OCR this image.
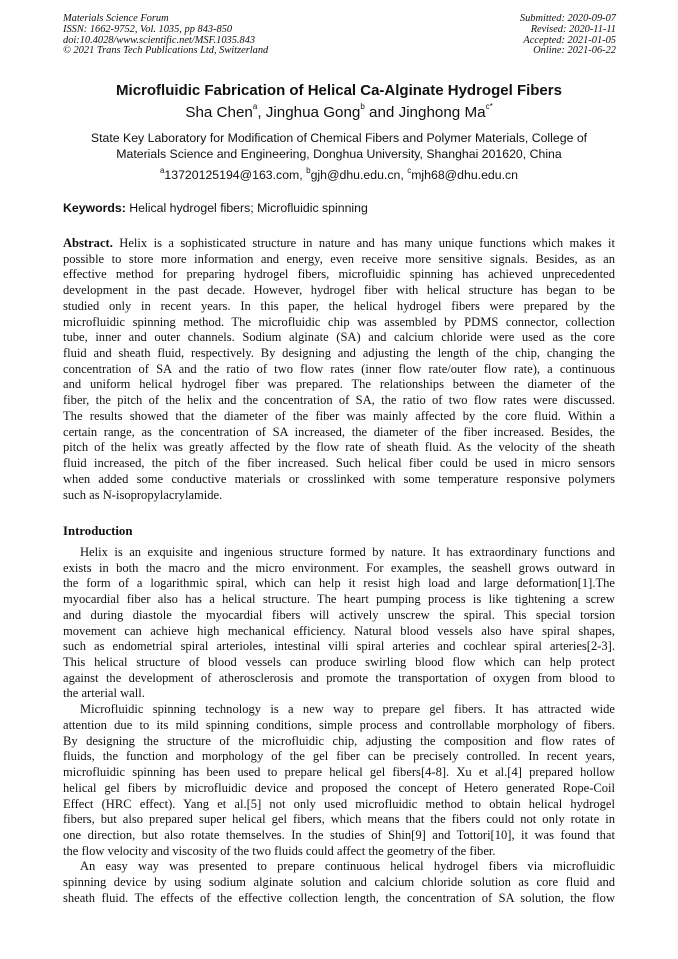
Materials Science Forum
ISSN: 1662-9752, Vol. 1035, pp 843-850
doi:10.4028/www.scientific.net/MSF.1035.843
© 2021 Trans Tech Publications Ltd, Switzerland
Submitted: 2020-09-07
Revised: 2020-11-11
Accepted: 2021-01-05
Online: 2021-06-22
Microfluidic Fabrication of Helical Ca-Alginate Hydrogel Fibers
Sha Chen$^a$, Jinghua Gong$^b$ and Jinghong $Ma^{c*}$
State Key Laboratory for Modification of Chemical Fibers and Polymer Materials, College of
Materials Science and Engineering, Donghua University, Shanghai 201620, China
$^a$13720125194@163.com, $^b$gjh@dhu.edu.cn, $^c$mjh68@dhu.edu.cn
Keywords: Helical hydrogel fibers; Microfluidic spinning
Abstract. Helix is a sophisticated structure in nature and has many unique functions which makes it
possible to store more information and energy, even receive more sensitive signals. Besides, as an
effective method for preparing hydrogel fibers, microfluidic spinning has achieved unprecedented
development in the past decade. However, hydrogel fiber with helical structure has began to be
studied only in recent years. In this paper, the helical hydrogel fibers were prepared by the
microfluidic spinning method. The microfluidic chip was assembled by PDMS connector, collection
tube, inner and outer channels. Sodium alginate (SA) and calcium chloride were used as the core
fluid and sheath fluid, respectively. By designing and adjusting the length of the chip, changing the
concentration of SA and the ratio of two flow rates (inner flow rate/outer flow rate), a continuous
and uniform helical hydrogel fiber was prepared. The relationships between the diameter of the
fiber, the pitch of the helix and the concentration of SA, the ratio of two flow rates were discussed.
The results showed that the diameter of the fiber was mainly affected by the core fluid. Within a
certain range, as the concentration of SA increased, the diameter of the fiber increased. Besides, the
pitch of the helix was greatly affected by the flow rate of sheath fluid. As the velocity of the sheath
fluid increased, the pitch of the fiber increased. Such helical fiber could be used in micro sensors
when added some conductive materials or crosslinked with some temperature responsive polymers
such as N-isopropylacrylamide.
Introduction
Helix is an exquisite and ingenious structure formed by nature. It has extraordinary functions and
exists in both the macro and the micro environment. For examples, the seashell grows outward in
the form of a logarithmic spiral, which can help it resist high load and large deformation[1].The
myocardial fiber also has a helical structure. The heart pumping process is like tightening a screw
and during diastole the myocardial fibers will actively unscrew the spiral. This special torsion
movement can achieve high mechanical efficiency. Natural blood vessels also have spiral shapes,
such as endometrial spiral arterioles, intestinal villi spiral arteries and cochlear spiral arteries[2-3].
This helical structure of blood vessels can produce swirling blood flow which can help protect
against the development of atherosclerosis and promote the transportation of oxygen from blood to
the arterial wall.
Microfluidic spinning technology is a new way to prepare gel fibers. It has attracted wide
attention due to its mild spinning conditions, simple process and controllable morphology of fibers.
By designing the structure of the microfluidic chip, adjusting the composition and flow rates of
fluids, the function and morphology of the gel fiber can be precisely controlled. In recent years,
microfluidic spinning has been used to prepare helical gel fibers[4-8]. Xu et al.[4] prepared hollow
helical gel fibers by microfluidic device and proposed the concept of Hetero generated Rope-Coil
Effect (HRC effect). Yang et al.[5] not only used microfluidic method to obtain helical hydrogel
fibers, but also prepared super helical gel fibers, which means that the fibers could not only rotate in
one direction, but also rotate themselves. In the studies of Shin[9] and Tottori[10], it was found that
the flow velocity and viscosity of the two fluids could affect the geometry of the fiber.
An easy way was presented to prepare continuous helical hydrogel fibers via microfluidic
spinning device by using sodium alginate solution and calcium chloride solution as core fluid and
sheath fluid. The effects of the effective collection length, the concentration of SA solution, the flow
